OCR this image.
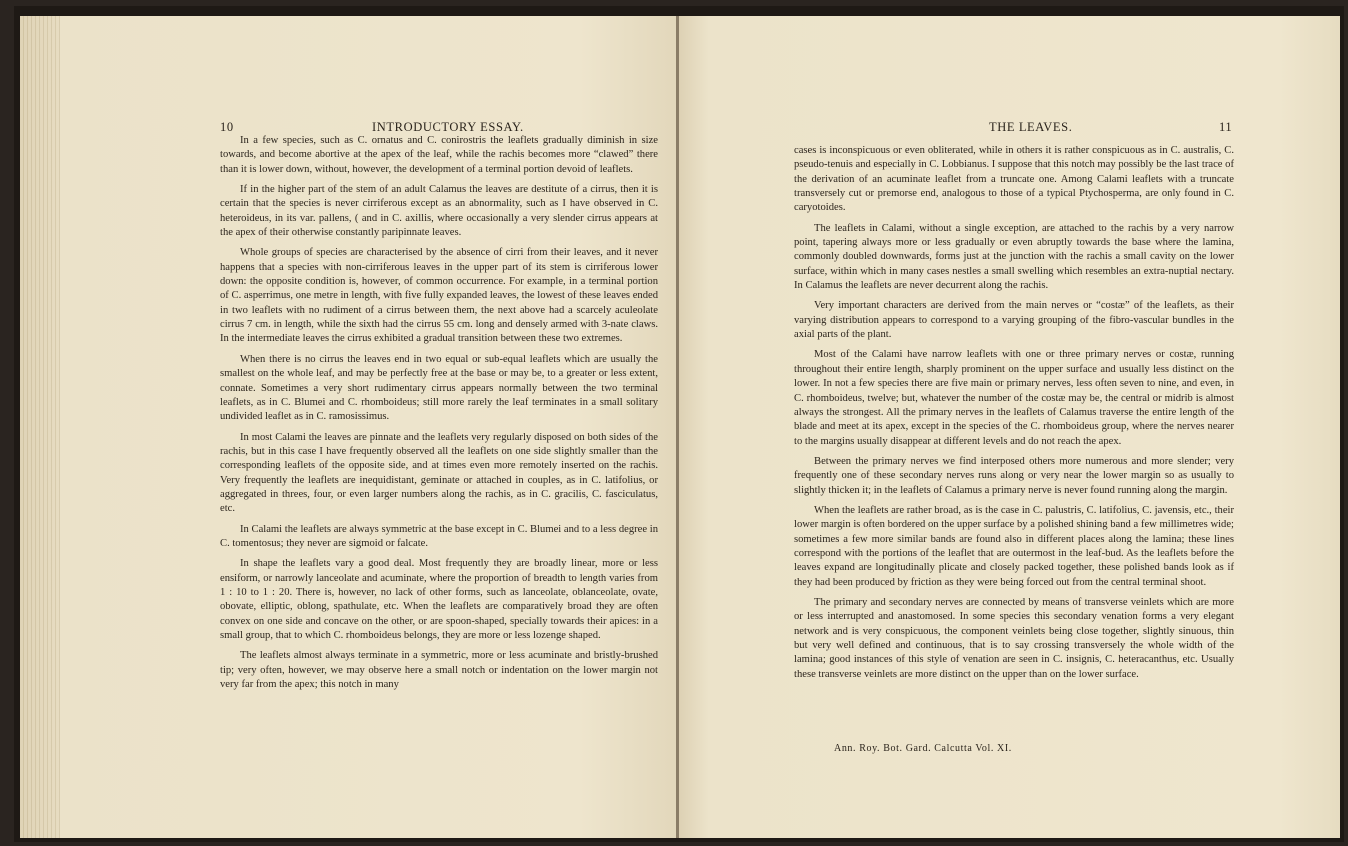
10	INTRODUCTORY ESSAY.

In a few species, such as C. ornatus and C. conirostris the leaflets gradually diminish in size towards, and become abortive at the apex of the leaf, while the rachis becomes more “clawed” there than it is lower down, without, however, the development of a terminal portion devoid of leaflets.

If in the higher part of the stem of an adult Calamus the leaves are destitute of a cirrus, then it is certain that the species is never cirriferous except as an abnormality, such as I have observed in C. heteroideus, in its var. pallens, ( and in C. axillis, where occasionally a very slender cirrus appears at the apex of their otherwise constantly paripinnate leaves.

Whole groups of species are characterised by the absence of cirri from their leaves, and it never happens that a species with non-cirriferous leaves in the upper part of its stem is cirriferous lower down: the opposite condition is, however, of common occurrence. For example, in a terminal portion of C. asperrimus, one metre in length, with five fully expanded leaves, the lowest of these leaves ended in two leaflets with no rudiment of a cirrus between them, the next above had a scarcely aculeolate cirrus 7 cm. in length, while the sixth had the cirrus 55 cm. long and densely armed with 3-nate claws. In the intermediate leaves the cirrus exhibited a gradual transition between these two extremes.

When there is no cirrus the leaves end in two equal or sub-equal leaflets which are usually the smallest on the whole leaf, and may be perfectly free at the base or may be, to a greater or less extent, connate. Sometimes a very short rudimentary cirrus appears normally between the two terminal leaflets, as in C. Blumei and C. rhomboideus; still more rarely the leaf terminates in a small solitary undivided leaflet as in C. ramosissimus.

In most Calami the leaves are pinnate and the leaflets very regularly disposed on both sides of the rachis, but in this case I have frequently observed all the leaflets on one side slightly smaller than the corresponding leaflets of the opposite side, and at times even more remotely inserted on the rachis. Very frequently the leaflets are inequidistant, geminate or attached in couples, as in C. latifolius, or aggregated in threes, four, or even larger numbers along the rachis, as in C. gracilis, C. fasciculatus, etc.

In Calami the leaflets are always symmetric at the base except in C. Blumei and to a less degree in C. tomentosus; they never are sigmoid or falcate.

In shape the leaflets vary a good deal. Most frequently they are broadly linear, more or less ensiform, or narrowly lanceolate and acuminate, where the proportion of breadth to length varies from 1 : 10 to 1 : 20. There is, however, no lack of other forms, such as lanceolate, oblanceolate, ovate, obovate, elliptic, oblong, spathulate, etc. When the leaflets are comparatively broad they are often convex on one side and concave on the other, or are spoon-shaped, specially towards their apices: in a small group, that to which C. rhomboideus belongs, they are more or less lozenge shaped.

The leaflets almost always terminate in a symmetric, more or less acuminate and bristly-brushed tip; very often, however, we may observe here a small notch or indentation on the lower margin not very far from the apex; this notch in many

THE LEAVES.	11

cases is inconspicuous or even obliterated, while in others it is rather conspicuous as in C. australis, C. pseudo-tenuis and especially in C. Lobbianus. I suppose that this notch may possibly be the last trace of the derivation of an acuminate leaflet from a truncate one. Among Calami leaflets with a truncate transversely cut or premorse end, analogous to those of a typical Ptychosperma, are only found in C. caryotoides.

The leaflets in Calami, without a single exception, are attached to the rachis by a very narrow point, tapering always more or less gradually or even abruptly towards the base where the lamina, commonly doubled downwards, forms just at the junction with the rachis a small cavity on the lower surface, within which in many cases nestles a small swelling which resembles an extra-nuptial nectary. In Calamus the leaflets are never decurrent along the rachis.

Very important characters are derived from the main nerves or “costæ” of the leaflets, as their varying distribution appears to correspond to a varying grouping of the fibro-vascular bundles in the axial parts of the plant.

Most of the Calami have narrow leaflets with one or three primary nerves or costæ, running throughout their entire length, sharply prominent on the upper surface and usually less distinct on the lower. In not a few species there are five main or primary nerves, less often seven to nine, and even, in C. rhomboideus, twelve; but, whatever the number of the costæ may be, the central or midrib is almost always the strongest. All the primary nerves in the leaflets of Calamus traverse the entire length of the blade and meet at its apex, except in the species of the C. rhomboideus group, where the nerves nearer to the margins usually disappear at different levels and do not reach the apex.

Between the primary nerves we find interposed others more numerous and more slender; very frequently one of these secondary nerves runs along or very near the lower margin so as usually to slightly thicken it; in the leaflets of Calamus a primary nerve is never found running along the margin.

When the leaflets are rather broad, as is the case in C. palustris, C. latifolius, C. javensis, etc., their lower margin is often bordered on the upper surface by a polished shining band a few millimetres wide; sometimes a few more similar bands are found also in different places along the lamina; these lines correspond with the portions of the leaflet that are outermost in the leaf-bud. As the leaflets before the leaves expand are longitudinally plicate and closely packed together, these polished bands look as if they had been produced by friction as they were being forced out from the central terminal shoot.

The primary and secondary nerves are connected by means of transverse veinlets which are more or less interrupted and anastomosed. In some species this secondary venation forms a very elegant network and is very conspicuous, the component veinlets being close together, slightly sinuous, thin but very well defined and continuous, that is to say crossing transversely the whole width of the lamina; good instances of this style of venation are seen in C. insignis, C. heteracanthus, etc. Usually these transverse veinlets are more distinct on the upper than on the lower surface.

Ann. Roy. Bot. Gard. Calcutta Vol. XI.
